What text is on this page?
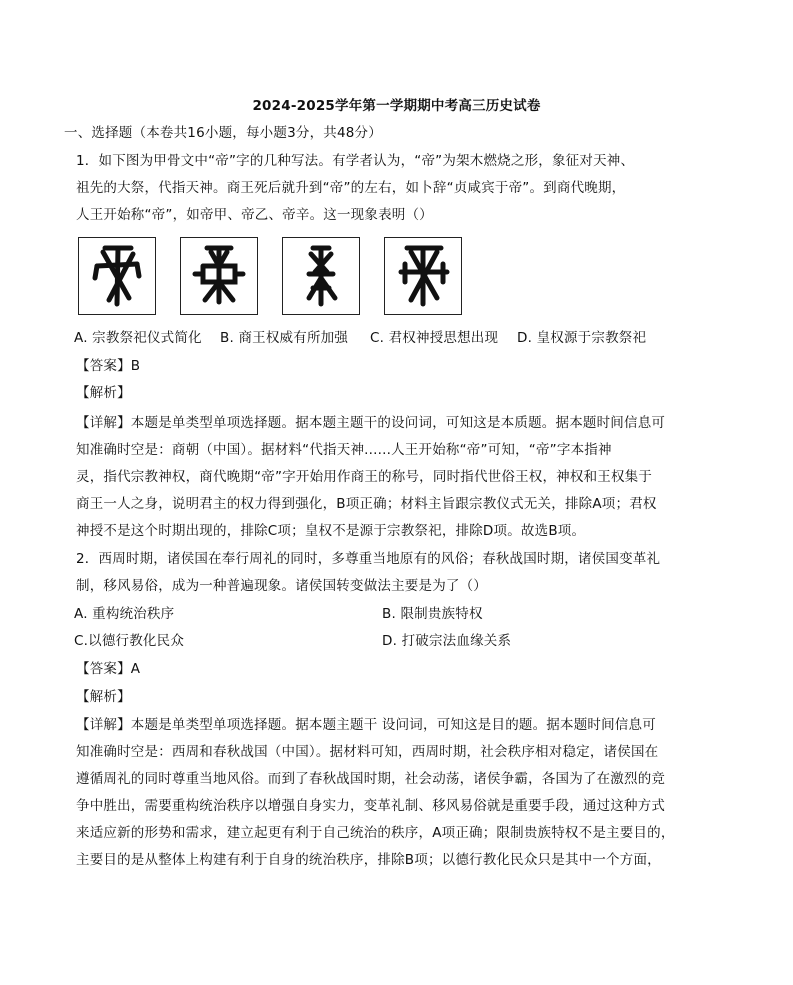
2024-2025学年第一学期期中考高三历史试卷
一、选择题（本卷共16小题，每小题3分，共48分）
1．如下图为甲骨文中“帝”字的几种写法。有学者认为，“帝”为架木燃烧之形，象征对天神、
祖先的大祭，代指天神。商王死后就升到“帝”的左右，如卜辞“贞咸宾于帝”。到商代晚期，
人王开始称“帝”，如帝甲、帝乙、帝辛。这一现象表明（）
A. 宗教祭祀仪式简化 B. 商王权威有所加强 C. 君权神授思想出现 D. 皇权源于宗教祭祀
【答案】B
【解析】
【详解】本题是单类型单项选择题。据本题主题干的设问词，可知这是本质题。据本题时间信息可
知准确时空是：商朝（中国）。据材料“代指天神......人王开始称“帝”可知，“帝”字本指神
灵，指代宗教神权，商代晚期“帝”字开始用作商王的称号，同时指代世俗王权，神权和王权集于
商王一人之身，说明君主的权力得到强化，B项正确；材料主旨跟宗教仪式无关，排除A项；君权
神授不是这个时期出现的，排除C项；皇权不是源于宗教祭祀，排除D项。故选B项。
2．西周时期，诸侯国在奉行周礼的同时，多尊重当地原有的风俗；春秋战国时期，诸侯国变革礼
制，移风易俗，成为一种普遍现象。诸侯国转变做法主要是为了（）
A. 重构统治秩序	B. 限制贵族特权
C.以德行教化民众	D. 打破宗法血缘关系
【答案】A
【解析】
【详解】本题是单类型单项选择题。据本题主题干 设问词，可知这是目的题。据本题时间信息可
知准确时空是：西周和春秋战国（中国）。据材料可知，西周时期，社会秩序相对稳定，诸侯国在
遵循周礼的同时尊重当地风俗。而到了春秋战国时期，社会动荡，诸侯争霸，各国为了在激烈的竞
争中胜出，需要重构统治秩序以增强自身实力，变革礼制、移风易俗就是重要手段，通过这种方式
来适应新的形势和需求，建立起更有利于自己统治的秩序，A项正确；限制贵族特权不是主要目的，
主要目的是从整体上构建有利于自身的统治秩序，排除B项；以德行教化民众只是其中一个方面，
